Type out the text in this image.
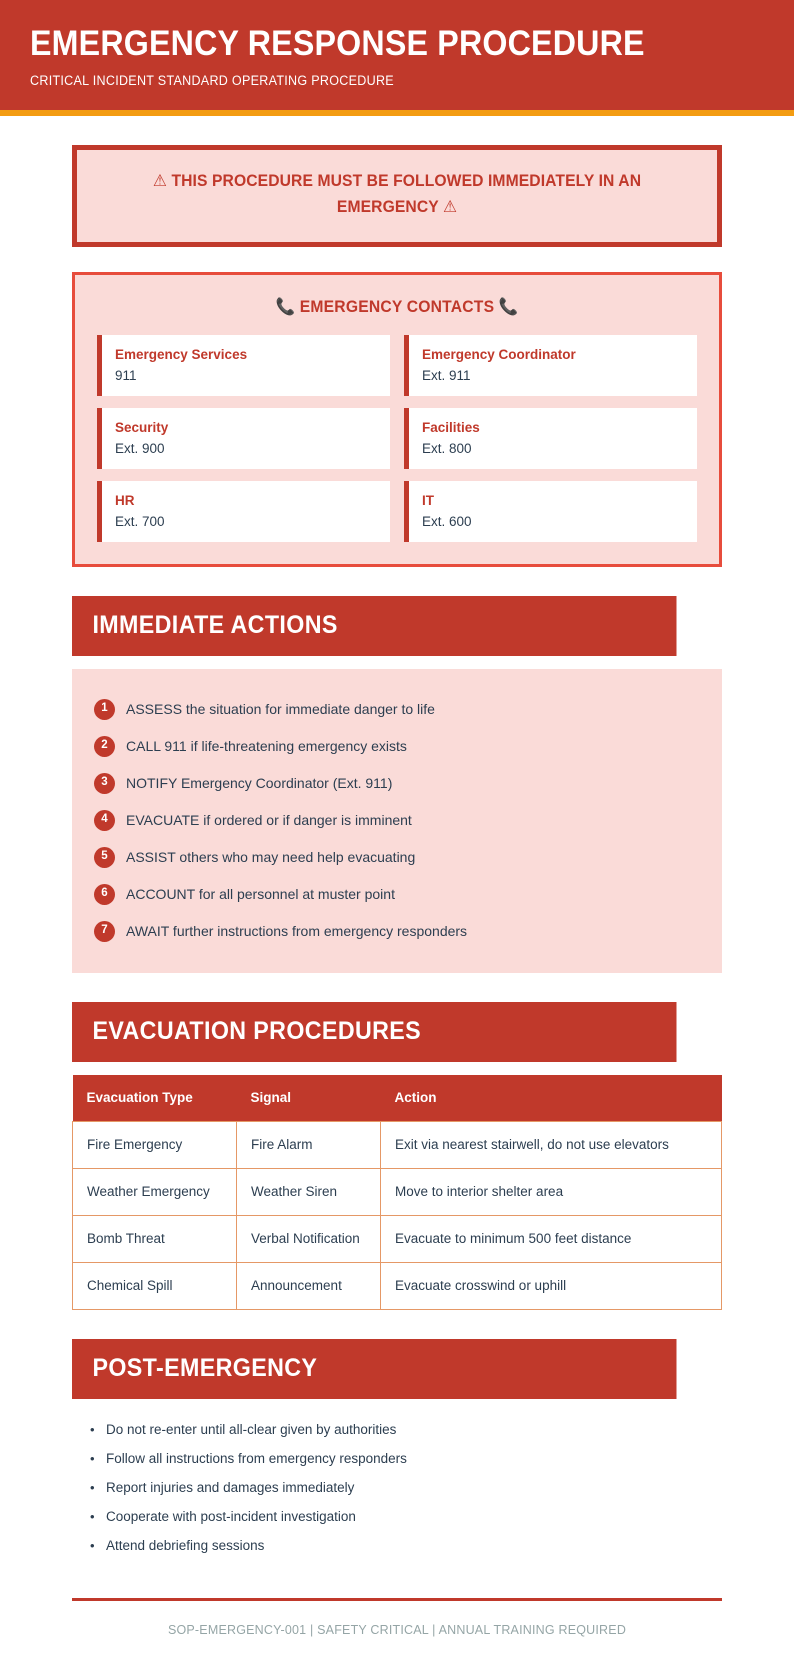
EMERGENCY RESPONSE PROCEDURE
CRITICAL INCIDENT STANDARD OPERATING PROCEDURE
⚠ THIS PROCEDURE MUST BE FOLLOWED IMMEDIATELY IN AN EMERGENCY ⚠
📞 EMERGENCY CONTACTS 📞
Emergency Services
911
Emergency Coordinator
Ext. 911
Security
Ext. 900
Facilities
Ext. 800
HR
Ext. 700
IT
Ext. 600
IMMEDIATE ACTIONS
1	ASSESS the situation for immediate danger to life
2	CALL 911 if life-threatening emergency exists
3	NOTIFY Emergency Coordinator (Ext. 911)
4	EVACUATE if ordered or if danger is imminent
5	ASSIST others who may need help evacuating
6	ACCOUNT for all personnel at muster point
7	AWAIT further instructions from emergency responders
EVACUATION PROCEDURES
Evacuation Type	Signal	Action
Fire Emergency	Fire Alarm	Exit via nearest stairwell, do not use elevators
Weather Emergency	Weather Siren	Move to interior shelter area
Bomb Threat	Verbal Notification	Evacuate to minimum 500 feet distance
Chemical Spill	Announcement	Evacuate crosswind or uphill
POST-EMERGENCY
• Do not re-enter until all-clear given by authorities
• Follow all instructions from emergency responders
• Report injuries and damages immediately
• Cooperate with post-incident investigation
• Attend debriefing sessions
SOP-EMERGENCY-001 | SAFETY CRITICAL | ANNUAL TRAINING REQUIRED
